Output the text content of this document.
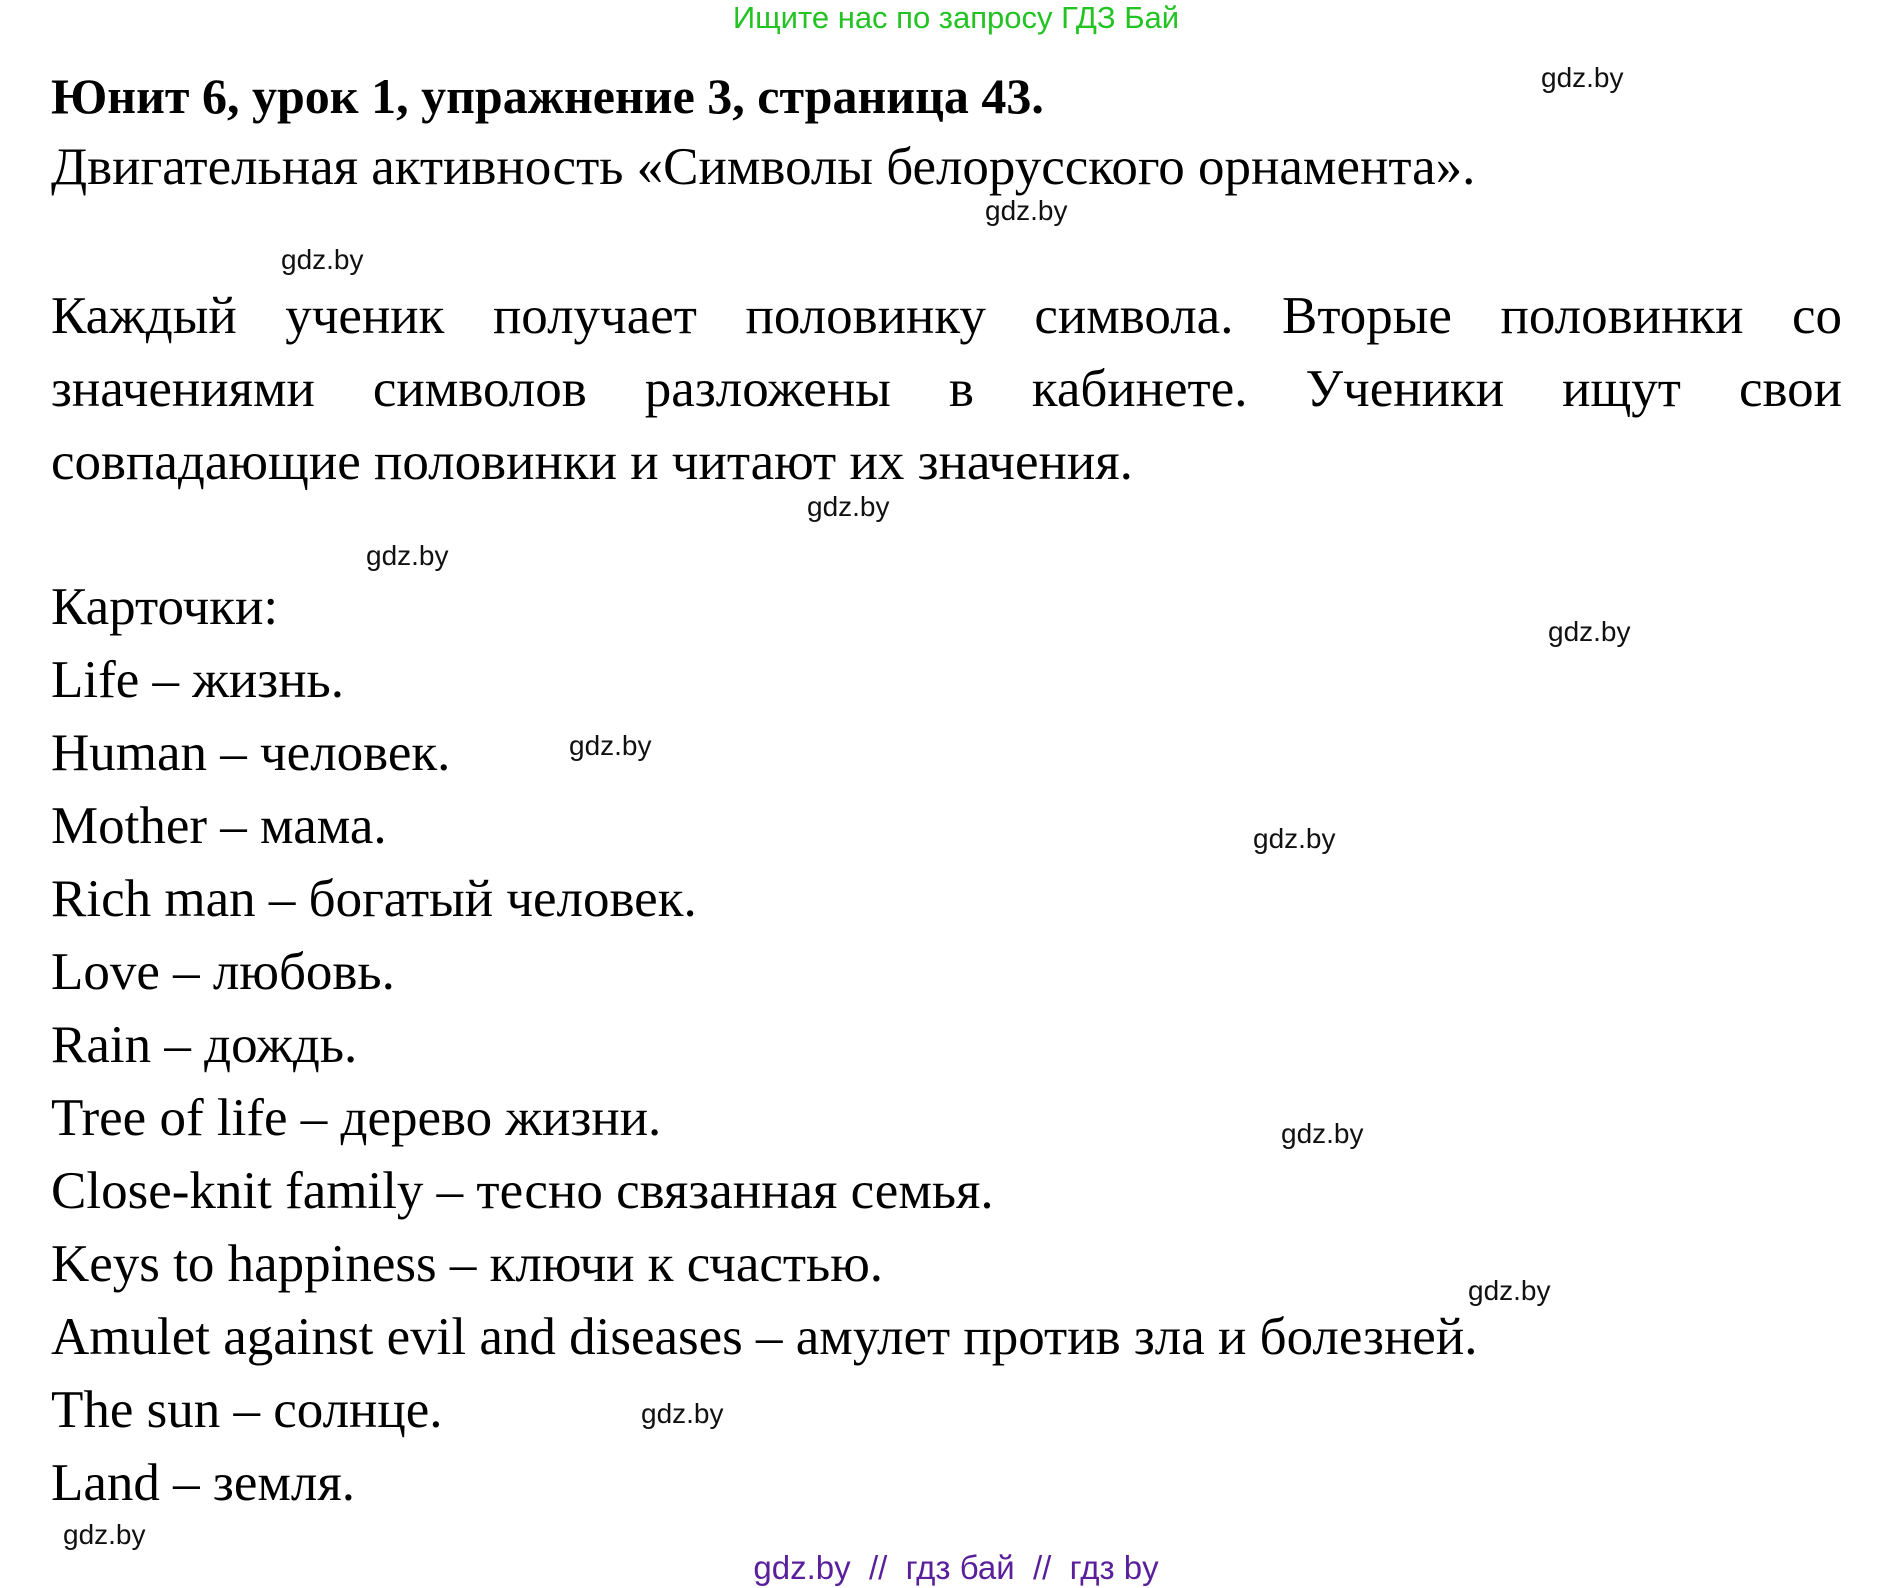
Ищите нас по запросу ГДЗ Бай
Юнит 6, урок 1, упражнение 3, страница 43.
Двигательная активность «Символы белорусского орнамента».
Каждый ученик получает половинку символа. Вторые половинки со значениями символов разложены в кабинете. Ученики ищут свои совпадающие половинки и читают их значения.
Карточки:
Life – жизнь.
Human – человек.
Mother – мама.
Rich man – богатый человек.
Love – любовь.
Rain – дождь.
Tree of life – дерево жизни.
Close-knit family – тесно связанная семья.
Keys to happiness – ключи к счастью.
Amulet against evil and diseases – амулет против зла и болезней.
The sun – солнце.
Land – земля.
gdz.by
gdz.by
gdz.by
gdz.by
gdz.by
gdz.by
gdz.by
gdz.by
gdz.by
gdz.by
gdz.by
gdz.by
gdz.by  //  гдз бай  //  гдз by
